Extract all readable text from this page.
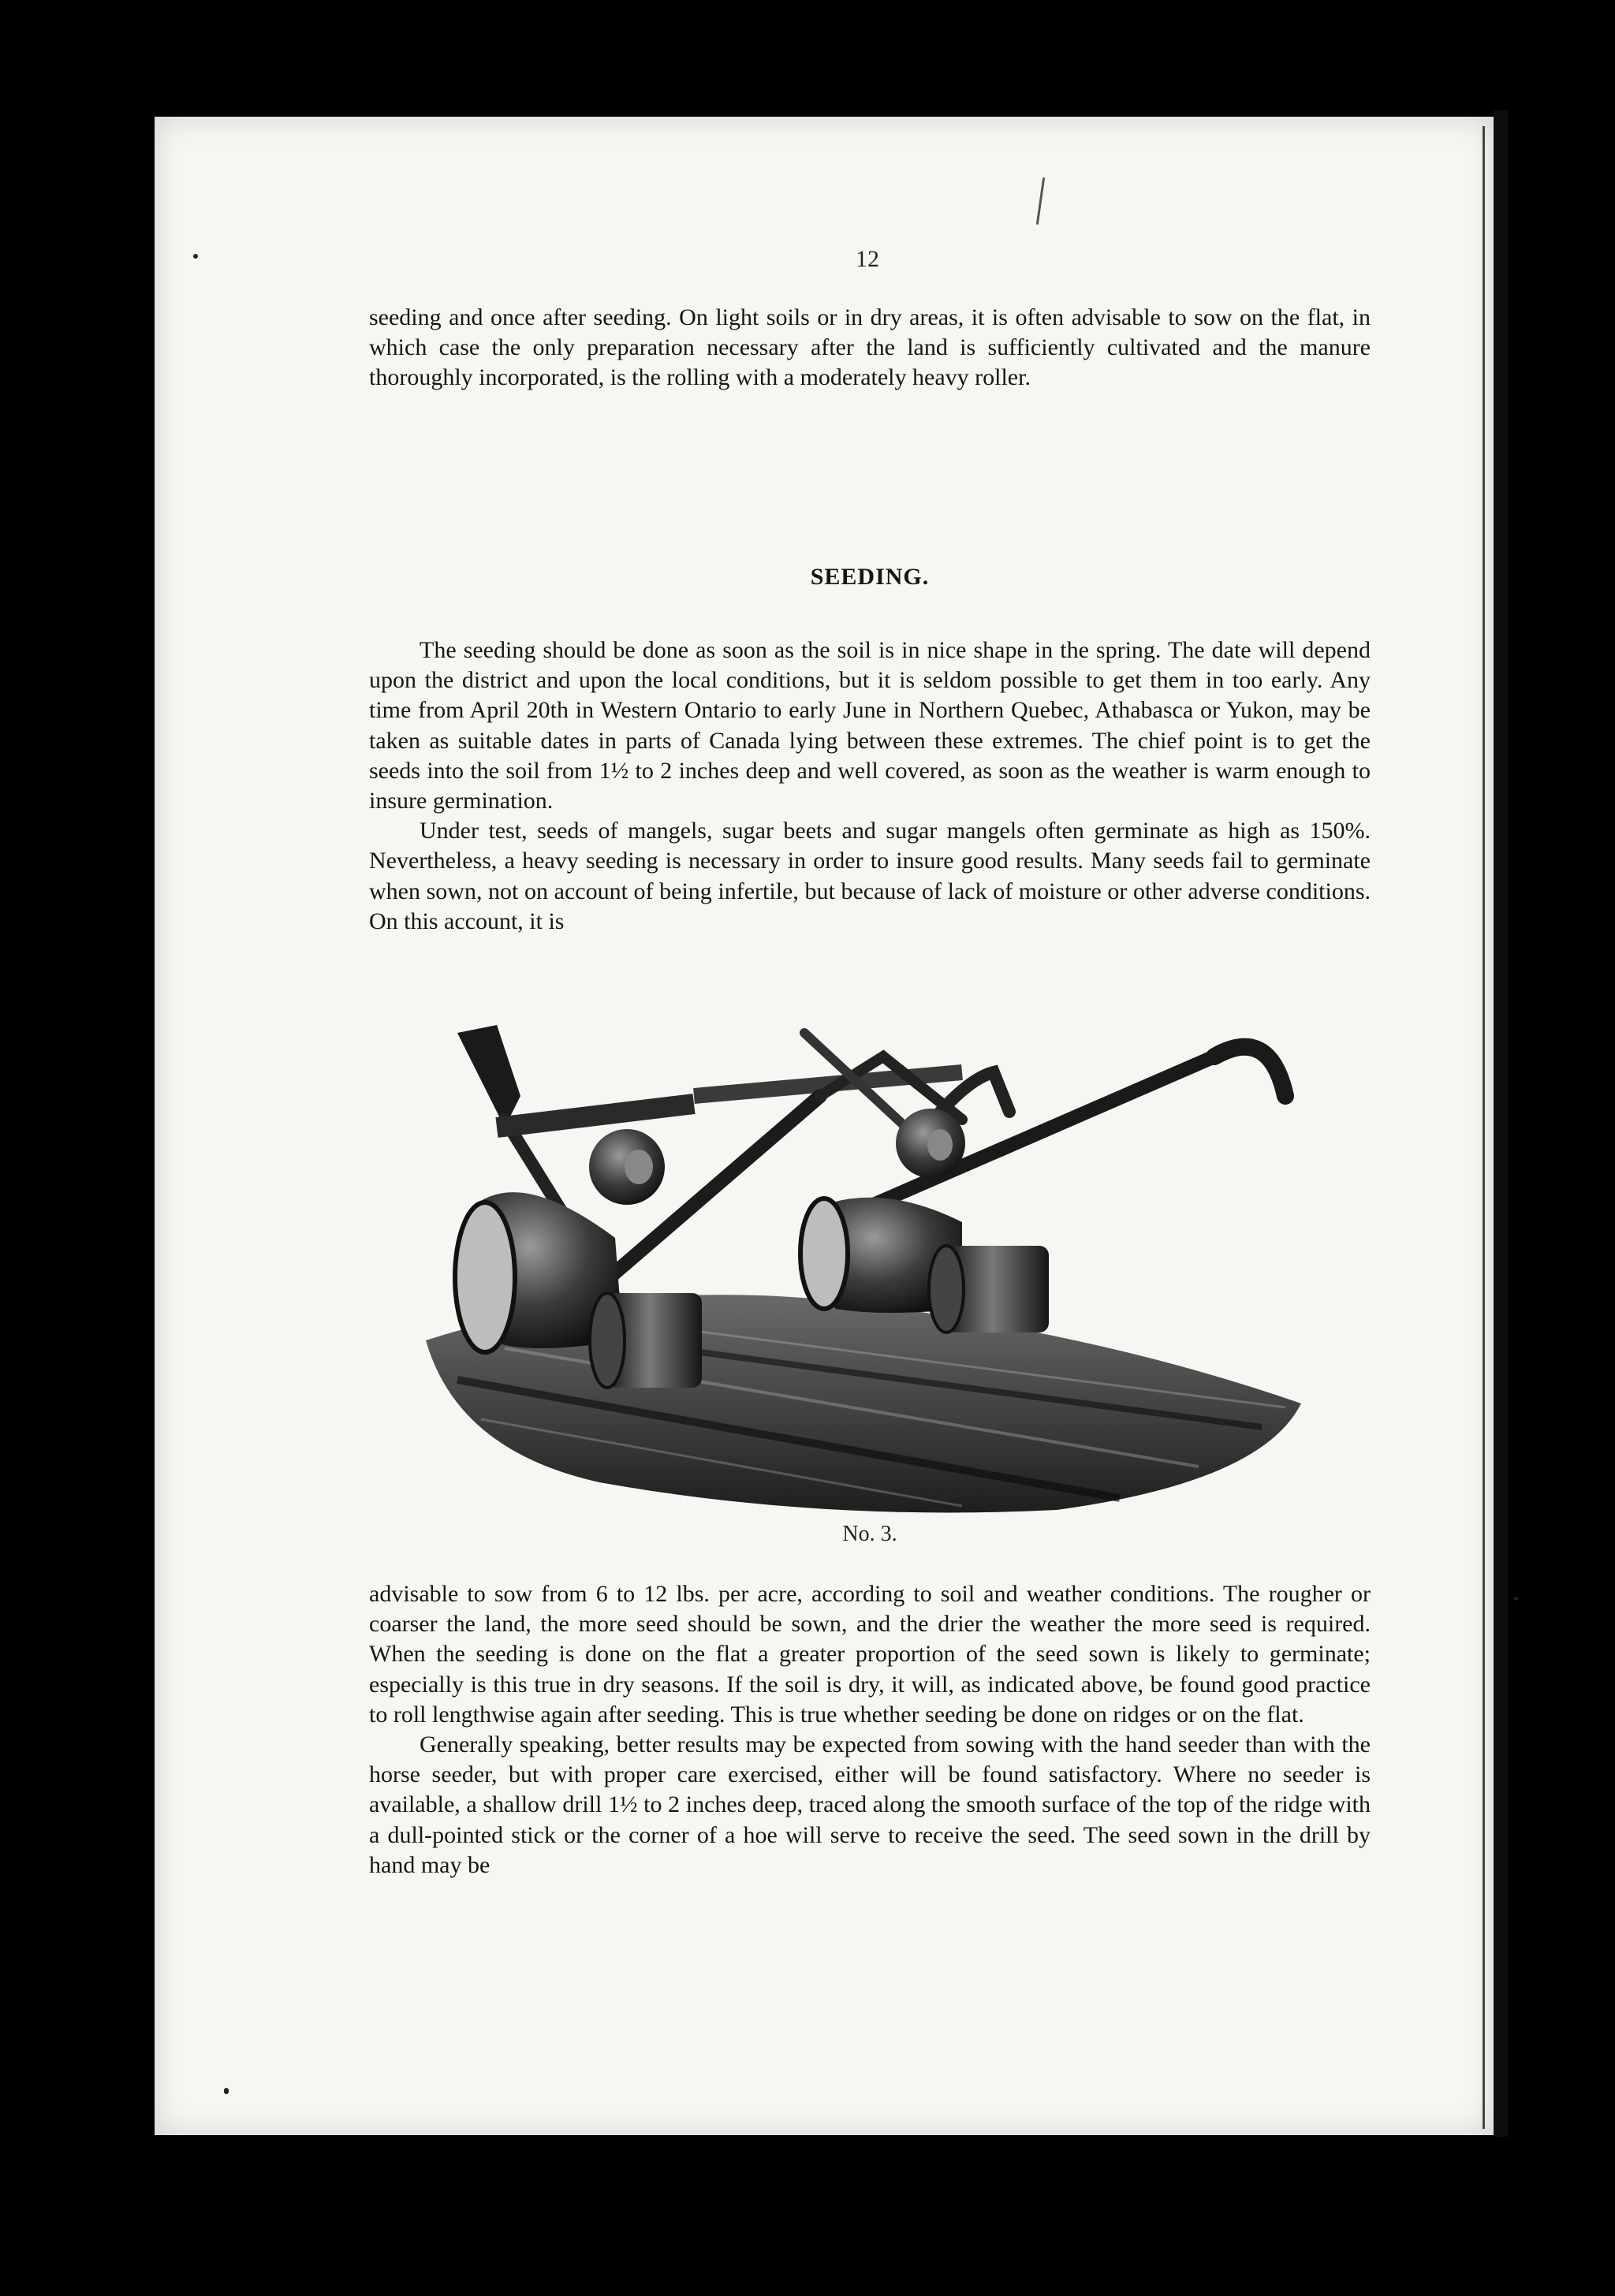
12

seeding and once after seeding. On light soils or in dry areas, it is often advisable to sow on the flat, in which case the only preparation necessary after the land is sufficiently cultivated and the manure thoroughly incorporated, is the rolling with a moderately heavy roller.

SEEDING.

The seeding should be done as soon as the soil is in nice shape in the spring. The date will depend upon the district and upon the local conditions, but it is seldom possible to get them in too early. Any time from April 20th in Western Ontario to early June in Northern Quebec, Athabasca or Yukon, may be taken as suitable dates in parts of Canada lying between these extremes. The chief point is to get the seeds into the soil from 1½ to 2 inches deep and well covered, as soon as the weather is warm enough to insure germination.

Under test, seeds of mangels, sugar beets and sugar mangels often germinate as high as 150%. Nevertheless, a heavy seeding is necessary in order to insure good results. Many seeds fail to germinate when sown, not on account of being infertile, but because of lack of moisture or other adverse conditions. On this account, it is

No. 3.

advisable to sow from 6 to 12 lbs. per acre, according to soil and weather conditions. The rougher or coarser the land, the more seed should be sown, and the drier the weather the more seed is required. When the seeding is done on the flat a greater proportion of the seed sown is likely to germinate; especially is this true in dry seasons. If the soil is dry, it will, as indicated above, be found good practice to roll lengthwise again after seeding. This is true whether seeding be done on ridges or on the flat.

Generally speaking, better results may be expected from sowing with the hand seeder than with the horse seeder, but with proper care exercised, either will be found satisfactory. Where no seeder is available, a shallow drill 1½ to 2 inches deep, traced along the smooth surface of the top of the ridge with a dull-pointed stick or the corner of a hoe will serve to receive the seed. The seed sown in the drill by hand may be
